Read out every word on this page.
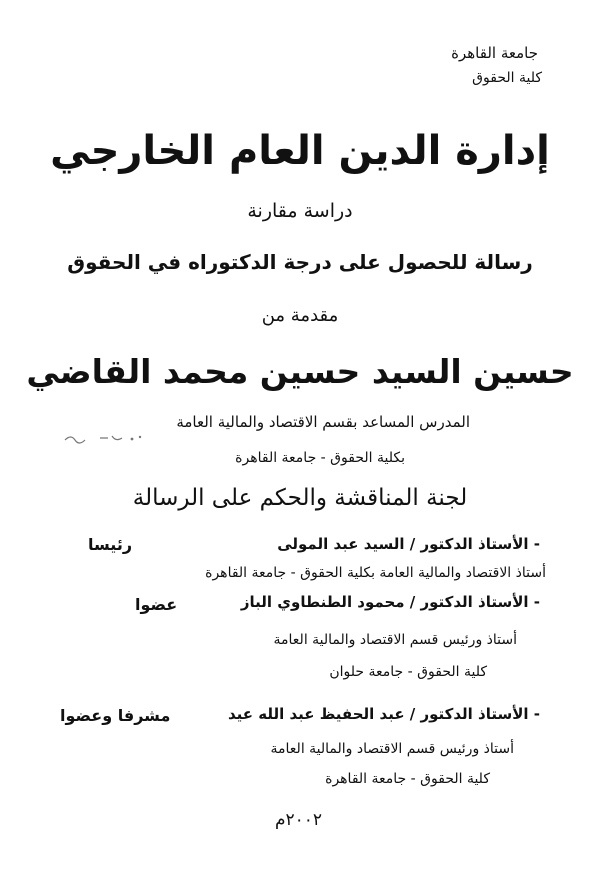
جامعة القاهرة
كلية الحقوق
إدارة الدين العام الخارجي
دراسة مقارنة
رسالة للحصول على درجة الدكتوراه في الحقوق
مقدمة من
حسين السيد حسين محمد القاضي
المدرس المساعد بقسم الاقتصاد والمالية العامة
بكلية الحقوق - جامعة القاهرة
لجنة المناقشة والحكم على الرسالة
- الأستاذ الدكتور / السيد عبد المولى
رئيسا
أستاذ الاقتصاد والمالية العامة بكلية الحقوق - جامعة القاهرة
- الأستاذ الدكتور / محمود الطنطاوي الباز
عضوا
أستاذ ورئيس قسم الاقتصاد والمالية العامة
كلية الحقوق - جامعة حلوان
- الأستاذ الدكتور / عبد الحفيظ عبد الله عيد
مشرفا وعضوا
أستاذ ورئيس قسم الاقتصاد والمالية العامة
كلية الحقوق - جامعة القاهرة
٢٠٠٢م
